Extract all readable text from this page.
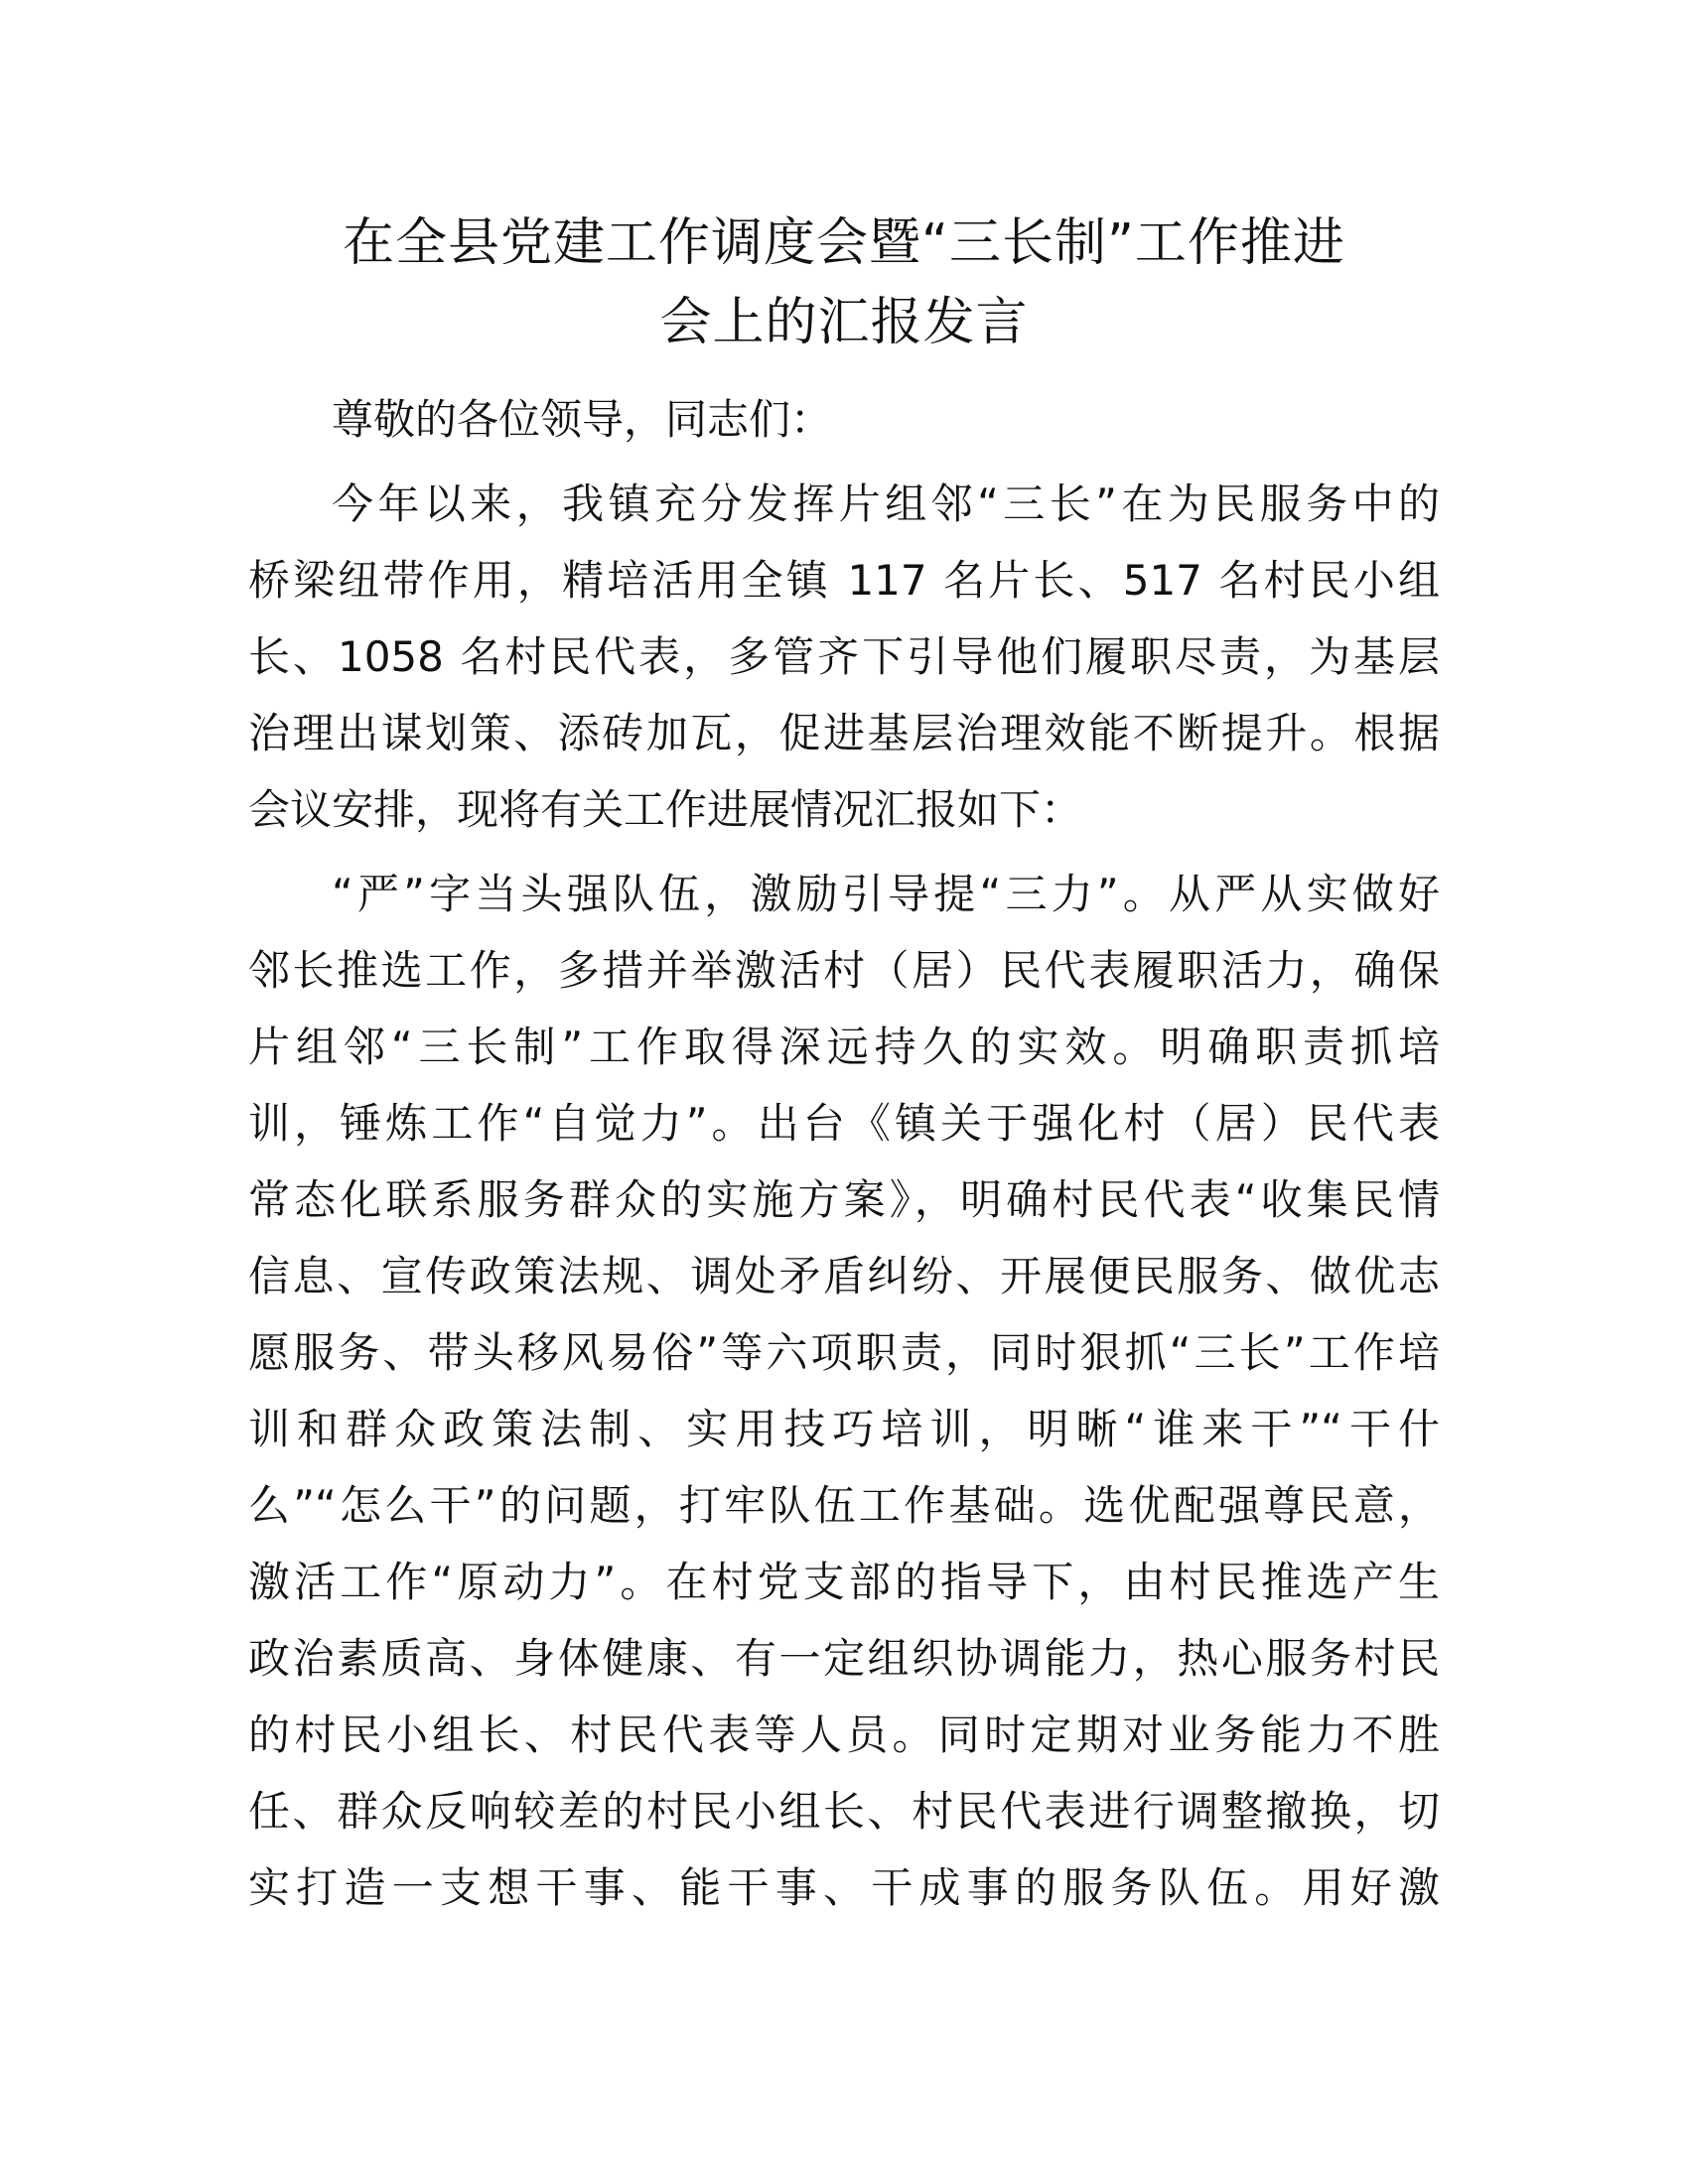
在全县党建工作调度会暨“三长制”工作推进
会上的汇报发言
尊敬的各位领导，同志们：
今年以来，我镇充分发挥片组邻“三长”在为民服务中的
桥梁纽带作用，精培活用全镇 117 名片长、517 名村民小组
长、1058 名村民代表，多管齐下引导他们履职尽责，为基层
治理出谋划策、添砖加瓦，促进基层治理效能不断提升。根据
会议安排，现将有关工作进展情况汇报如下：
“严”字当头强队伍，激励引导提“三力”。从严从实做好
邻长推选工作，多措并举激活村（居）民代表履职活力，确保
片组邻“三长制”工作取得深远持久的实效。明确职责抓培
训，锤炼工作“自觉力”。出台《镇关于强化村（居）民代表
常态化联系服务群众的实施方案》，明确村民代表“收集民情
信息、宣传政策法规、调处矛盾纠纷、开展便民服务、做优志
愿服务、带头移风易俗”等六项职责，同时狠抓“三长”工作培
训和群众政策法制、实用技巧培训，明晰“谁来干”“干什
么”“怎么干”的问题，打牢队伍工作基础。选优配强尊民意，
激活工作“原动力”。在村党支部的指导下，由村民推选产生
政治素质高、身体健康、有一定组织协调能力，热心服务村民
的村民小组长、村民代表等人员。同时定期对业务能力不胜
任、群众反响较差的村民小组长、村民代表进行调整撤换，切
实打造一支想干事、能干事、干成事的服务队伍。用好激
